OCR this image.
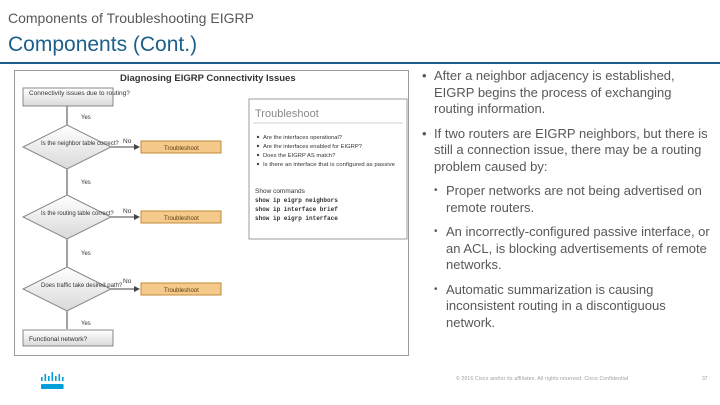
Components of Troubleshooting EIGRP
Components (Cont.)
Diagnosing EIGRP Connectivity Issues
Connectivity issues due to routing?
Yes
Is the neighbor table correct? No
Troubleshoot
Yes
Is the routing table correct? No
Troubleshoot
Yes
Does traffic take desired path?
No
Troubleshoot
Yes
Functional network?
Troubleshoot
Are the interfaces operational?
Are the interfaces enabled for EIGRP?
Does the EIGRP AS match?
Is there an interface that is configured as passive
Show commands
show ip eigrp neighbors
show ip interface brief
show ip eigrp interface
• After a neighbor adjacency is established, EIGRP begins the process of exchanging routing information.
• If two routers are EIGRP neighbors, but there is still a connection issue, there may be a routing problem caused by:
• Proper networks are not being advertised on remote routers.
• An incorrectly-configured passive interface, or an ACL, is blocking advertisements of remote networks.
• Automatic summarization is causing inconsistent routing in a discontiguous network.
© 2016 Cisco and/or its affiliates. All rights reserved. Cisco Confidential	37
